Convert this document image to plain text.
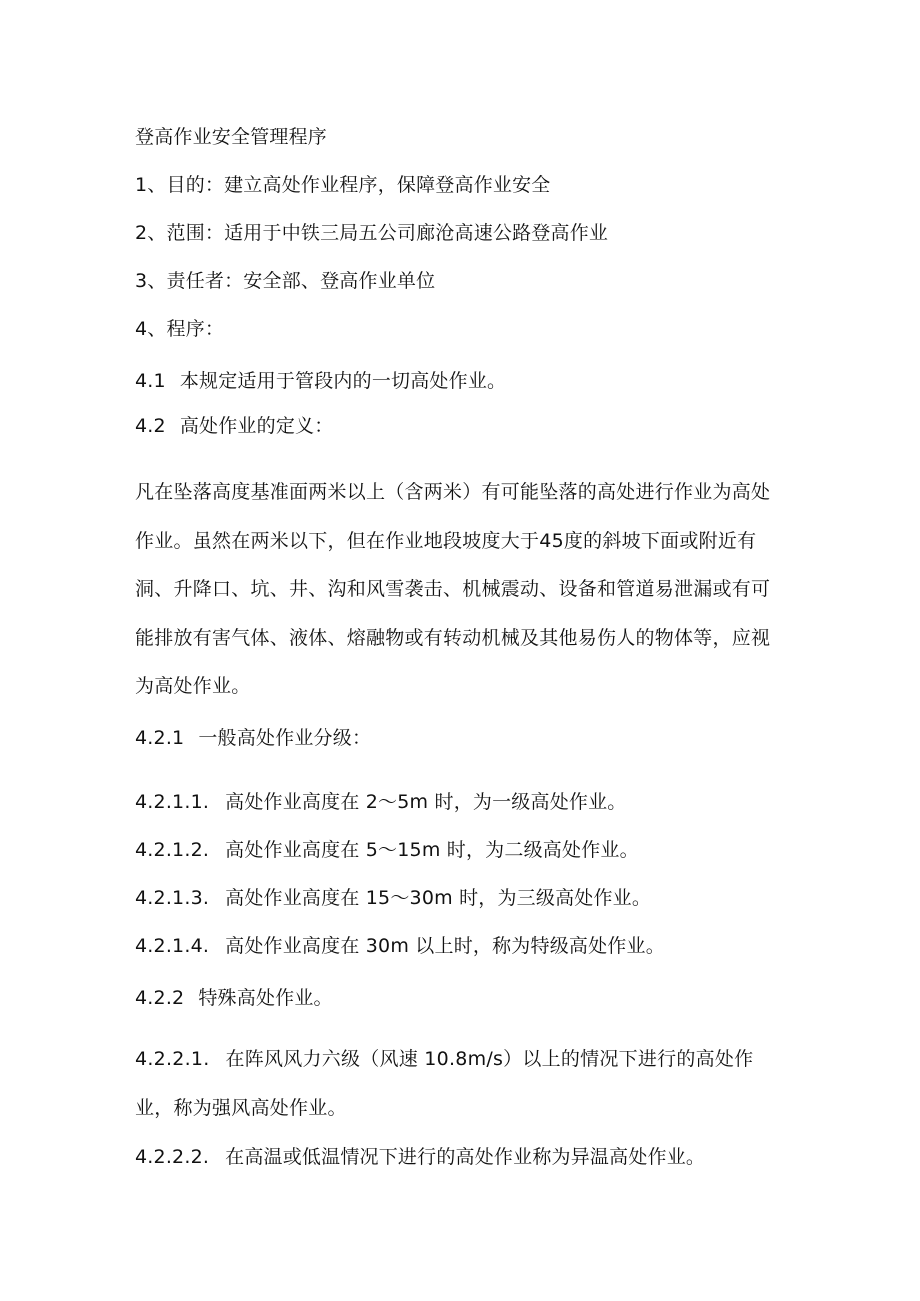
登高作业安全管理程序
1、目的：建立高处作业程序，保障登高作业安全
2、范围：适用于中铁三局五公司廊沧高速公路登高作业
3、责任者：安全部、登高作业单位
4、程序：
4.1 本规定适用于管段内的一切高处作业。
4.2 高处作业的定义：
凡在坠落高度基准面两米以上（含两米）有可能坠落的高处进行作业为高处作业。虽然在两米以下，但在作业地段坡度大于45度的斜坡下面或附近有洞、升降口、坑、井、沟和风雪袭击、机械震动、设备和管道易泄漏或有可能排放有害气体、液体、熔融物或有转动机械及其他易伤人的物体等，应视为高处作业。
4.2.1 一般高处作业分级：
4.2.1.1. 高处作业高度在 2～5m 时，为一级高处作业。
4.2.1.2. 高处作业高度在 5～15m 时，为二级高处作业。
4.2.1.3. 高处作业高度在 15～30m 时，为三级高处作业。
4.2.1.4. 高处作业高度在 30m 以上时，称为特级高处作业。
4.2.2 特殊高处作业。
4.2.2.1. 在阵风风力六级（风速 10.8m/s）以上的情况下进行的高处作业，称为强风高处作业。
4.2.2.2. 在高温或低温情况下进行的高处作业称为异温高处作业。
